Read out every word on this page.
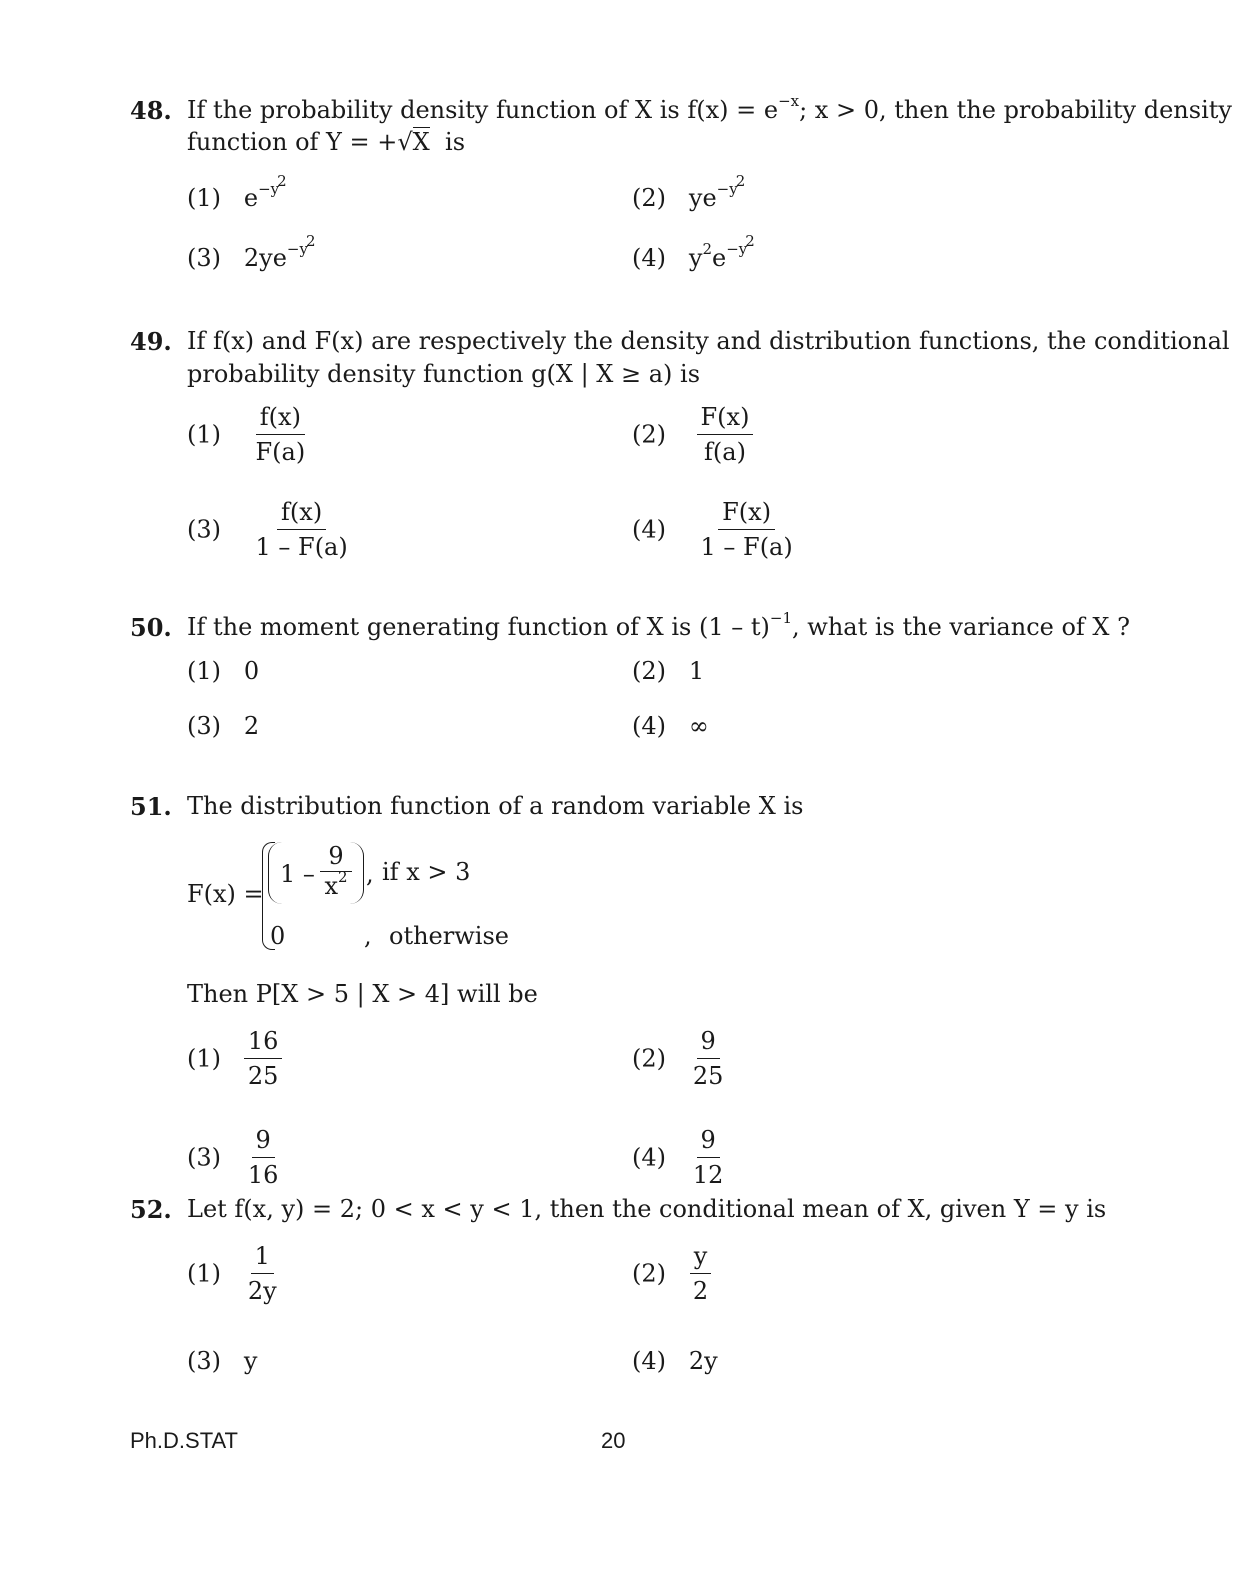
48. If the probability density function of X is $f(x) = e^{-x}$; x > 0, then the probability density
function of Y = +√X is
(1) $e^{-y2}$
(2) $ye^{-y2}$
(3) $2ye^{-y2}$
(4) $y^2e^{-y2}$
49. If f(x) and F(x) are respectively the density and distribution functions, the conditional
probability density function g(X | X ≥ a) is
$(1) \frac{f(x)}{F(a)}$	$(2) \frac{F(x)}{f(a)}$
$(3) \frac{f(x)}{1 - F(a)}$	$(4) \frac{F(x)}{1 - F(a)}$
50. If the moment generating function of X is (1 – t)$^{-1}$, what is the variance of X ?
(1) 0	(2) 1
(3) 2	(4) ∞
51. The distribution function of a random variable X is
F(x) =
1 –
9
$x^2$ , if x > 3
0	, otherwise
Then P[X > 5 | X > 4] will be
$(1) \frac{16}{25}$	$(2) \frac{9}{25}$
$(3) \frac{9}{16}$	$(4) \frac{9}{12}$
52. Let f(x, y) = 2; 0 < x < y < 1, then the conditional mean of X, given Y = y is
$(1) \frac{1}{2y}$	$(2) \frac{y}{2}$
(3) y	(4) 2y
Ph.D.STAT	20
